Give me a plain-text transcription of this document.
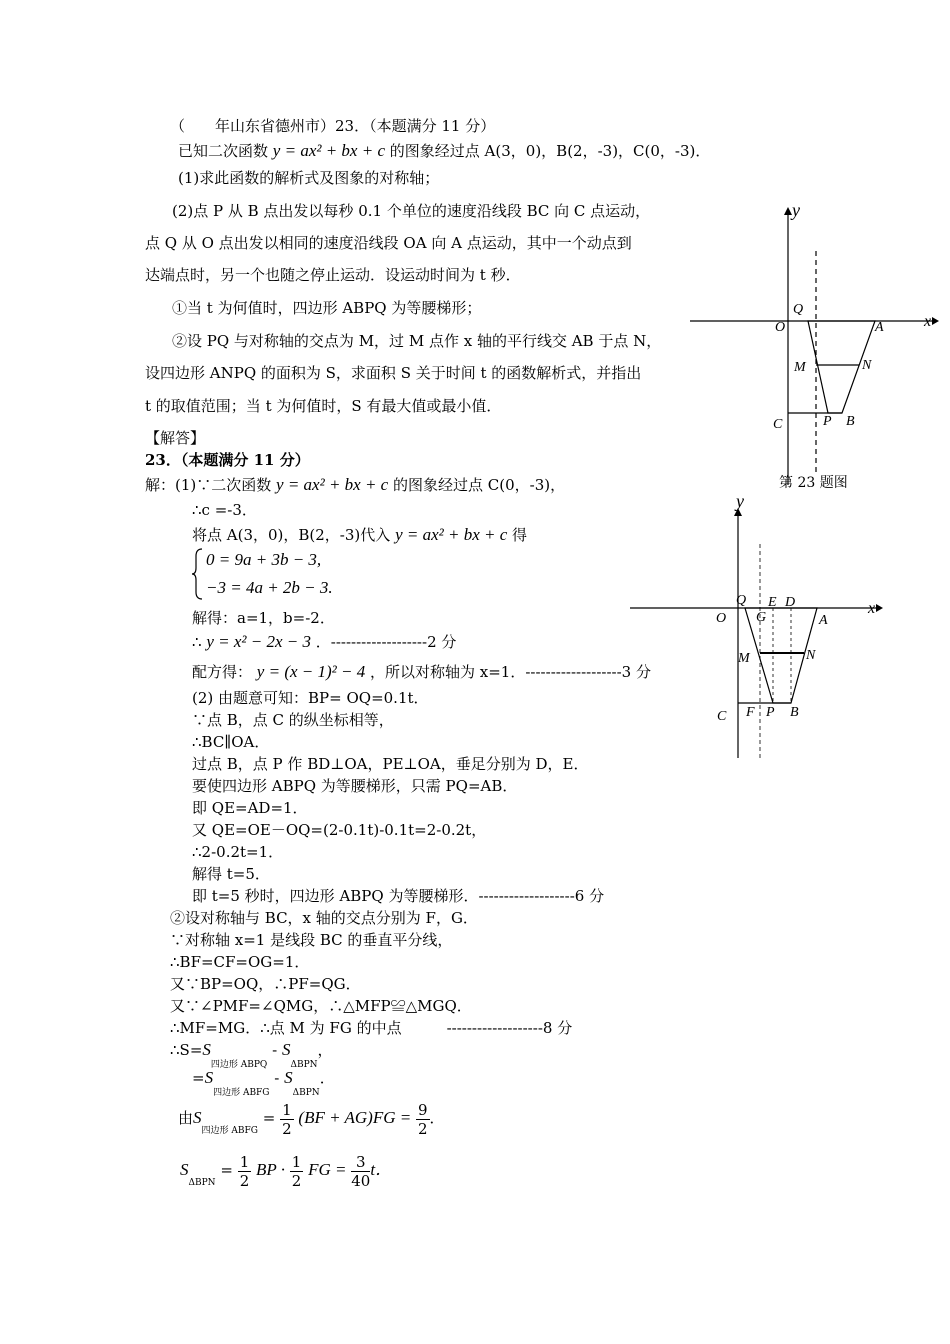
（　　年山东省德州市）23．（本题满分 11 分）
已知二次函数 y = ax² + bx + c 的图象经过点 A(3，0)，B(2，-3)，C(0，-3)．
(1)求此函数的解析式及图象的对称轴；
(2)点 P 从 B 点出发以每秒 0.1 个单位的速度沿线段 BC 向 C 点运动，
点 Q 从 O 点出发以相同的速度沿线段 OA 向 A 点运动，其中一个动点到
达端点时，另一个也随之停止运动．设运动时间为 t 秒．
①当 t 为何值时，四边形 ABPQ 为等腰梯形；
②设 PQ 与对称轴的交点为 M，过 M 点作 x 轴的平行线交 AB 于点 N，
设四边形 ANPQ 的面积为 S，求面积 S 关于时间 t 的函数解析式，并指出
t 的取值范围；当 t 为何值时，S 有最大值或最小值．
【解答】
23．（本题满分 11 分）
解：(1)∵二次函数 y = ax² + bx + c 的图象经过点 C(0，-3)，
∴c =-3．
将点 A(3，0)，B(2，-3)代入 y = ax² + bx + c 得
0 = 9a + 3b − 3,
−3 = 4a + 2b − 3.
解得：a=1，b=-2．
∴ y = x² − 2x − 3 ．-------------------2 分
配方得： y = (x − 1)² − 4 ，所以对称轴为 x=1．-------------------3 分
(2) 由题意可知：BP= OQ=0.1t．
∵点 B，点 C 的纵坐标相等，
∴BC∥OA．
过点 B，点 P 作 BD⊥OA，PE⊥OA，垂足分别为 D，E．
要使四边形 ABPQ 为等腰梯形，只需 PQ=AB．
即 QE=AD=1．
又 QE=OE－OQ=(2-0.1t)-0.1t=2-0.2t，
∴2-0.2t=1．
解得 t=5．
即 t=5 秒时，四边形 ABPQ 为等腰梯形．-------------------6 分
②设对称轴与 BC，x 轴的交点分别为 F，G．
∵对称轴 x=1 是线段 BC 的垂直平分线，
∴BF=CF=OG=1．
又∵BP=OQ，∴PF=QG．
又∵∠PMF=∠QMG，∴△MFP≌△MGQ．
∴MF=MG．∴点 M 为 FG 的中点　　　-------------------8 分
$\therefore S=S_{四边形 ABPQ} - S_{\Delta BPN}$，
$=S_{四边形 ABFG} - S_{\Delta BPN}$．
由$S_{四边形 ABFG} = \frac{1}{2} (BF + AG)FG = \frac{9}{2}$ ．
$S_{\Delta BPN} = \frac{1}{2}$ BP · $\frac{1}{2}$ FG = $\frac{3}{40}$ t．
y
x
O
Q
A
M	N
C	P B
第 23 题图
y
x
O
Q E D
G	A
M	N
C F P B
